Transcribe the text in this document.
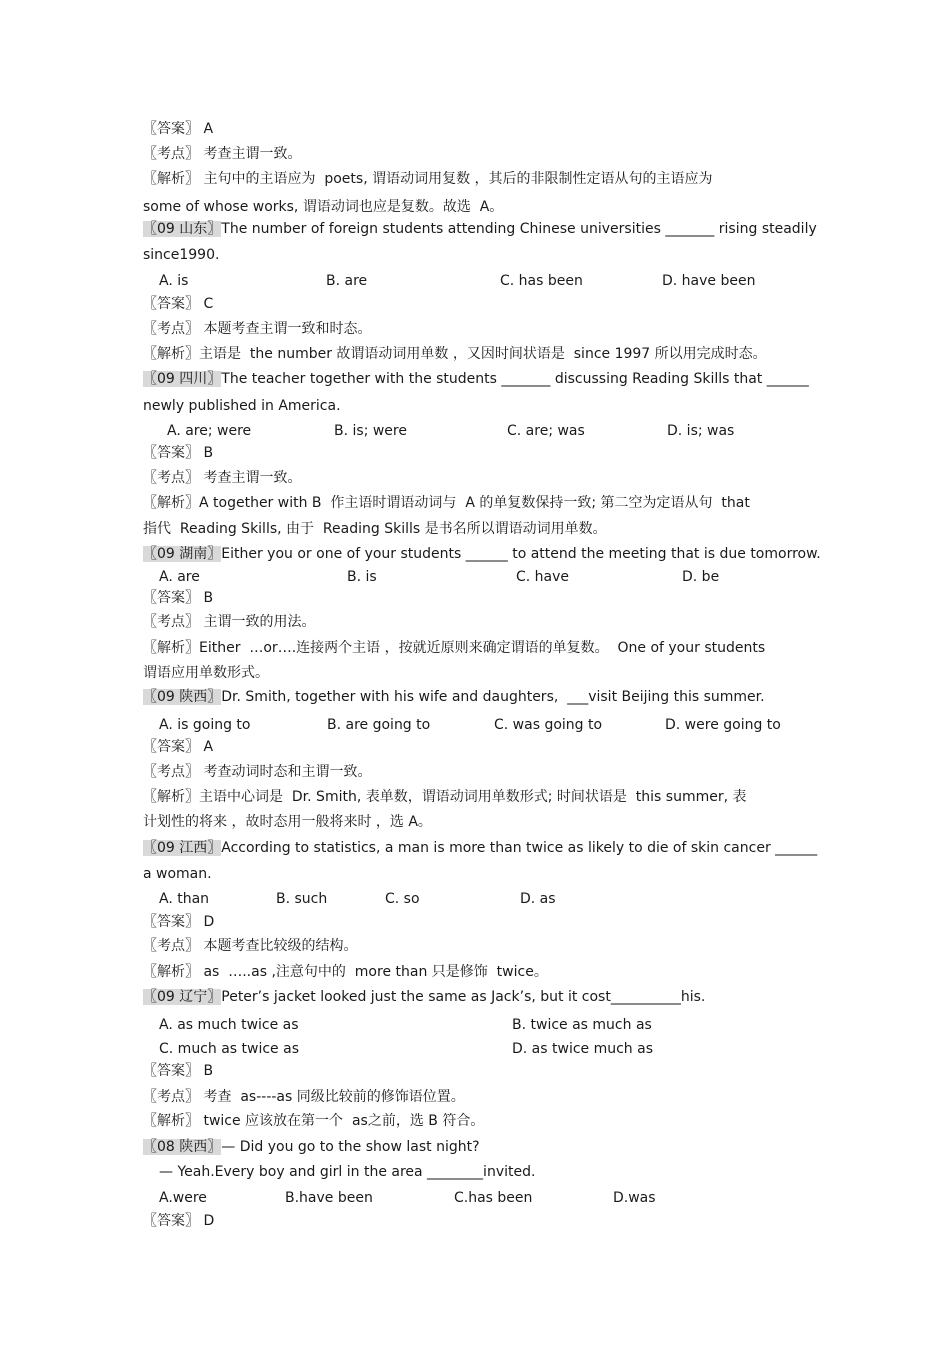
〖答案〗 A
〖考点〗 考查主谓一致。
〖解析〗 主句中的主语应为  poets, 谓语动词用复数 ，其后的非限制性定语从句的主语应为
some of whose works, 谓语动词也应是复数。故选  A。
〖09 山东〗The number of foreign students attending Chinese universities _______ rising steadily
since1990.
A. is	B. are	C. has been	D. have been
〖答案〗 C
〖考点〗 本题考查主谓一致和时态。
〖解析〗主语是  the number 故谓语动词用单数 ，又因时间状语是  since 1997 所以用完成时态。
〖09 四川〗The teacher together with the students _______ discussing Reading Skills that ______
newly published in America.
A. are; were	B. is; were	C. are; was	D. is; was
〖答案〗 B
〖考点〗 考查主谓一致。
〖解析〗A together with B  作主语时谓语动词与  A 的单复数保持一致; 第二空为定语从句  that
指代  Reading Skills, 由于  Reading Skills 是书名所以谓语动词用单数。
〖09 湖南〗Either you or one of your students ______ to attend the meeting that is due tomorrow.
A. are	B. is	C. have	D. be
〖答案〗 B
〖考点〗 主谓一致的用法。
〖解析〗Either  …or….连接两个主语 ，按就近原则来确定谓语的单复数。  One of your students
谓语应用单数形式。
〖09 陕西〗Dr. Smith, together with his wife and daughters,  ___visit Beijing this summer.
A. is going to	B. are going to	C. was going to	D. were going to
〖答案〗 A
〖考点〗 考查动词时态和主谓一致。
〖解析〗主语中心词是  Dr. Smith, 表单数，谓语动词用单数形式; 时间状语是  this summer, 表
计划性的将来 ，故时态用一般将来时 ，选 A。
〖09 江西〗According to statistics, a man is more than twice as likely to die of skin cancer ______
a woman.
A. than	B. such	C. so	D. as
〖答案〗 D
〖考点〗 本题考查比较级的结构。
〖解析〗 as  …..as ,注意句中的  more than 只是修饰  twice。
〖09 辽宁〗Peter’s jacket looked just the same as Jack’s, but it cost__________his.
A. as much twice as	B. twice as much as
C. much as twice as	D. as twice much as
〖答案〗 B
〖考点〗 考查  as----as 同级比较前的修饰语位置。
〖解析〗 twice 应该放在第一个  as之前，选 B 符合。
〖08 陕西〗— Did you go to the show last night?
— Yeah.Every boy and girl in the area ________invited.
A.were	B.have been	C.has been	D.was
〖答案〗 D
